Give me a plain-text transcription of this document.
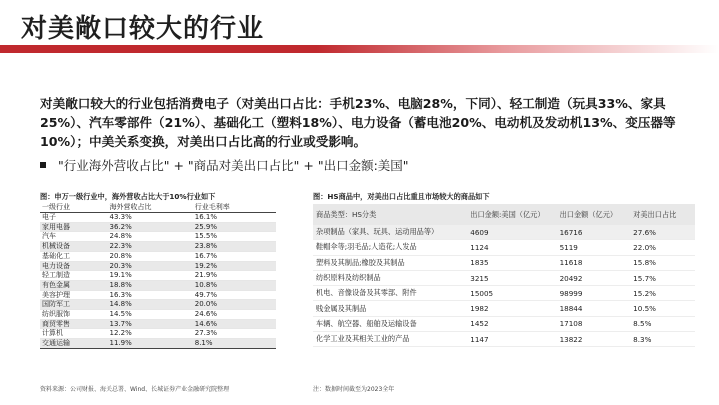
对美敞口较大的行业
对美敞口较大的行业包括消费电子（对美出口占比：手机23%、电脑28%，下同）、轻工制造（玩具33%、家具25%）、汽车零部件（21%）、基础化工（塑料18%）、电力设备（蓄电池20%、电动机及发动机13%、变压器等10%）；中美关系变换，对美出口占比高的行业或受影响。
"行业海外营收占比" + "商品对美出口占比" + "出口金额:美国"
图：申万一级行业中，海外营收占比大于10%行业如下
一级行业	海外营收占比	行业毛利率
电子	43.3%	16.1%
家用电器	36.2%	25.9%
汽车	24.8%	15.5%
机械设备	22.3%	23.8%
基础化工	20.8%	16.7%
电力设备	20.3%	19.2%
轻工制造	19.1%	21.9%
有色金属	18.8%	10.8%
美容护理	16.3%	49.7%
国防军工	14.8%	20.0%
纺织服饰	14.5%	24.6%
商贸零售	13.7%	14.6%
计算机	12.2%	27.3%
交通运输	11.9%	8.1%
图：HS商品中，对美出口占比重且市场较大的商品如下
商品类型：HS分类	出口金额:美国（亿元）	出口金额（亿元）	对美出口占比
杂项制品（家具、玩具、运动用品等）	4609	16716	27.6%
鞋帽伞等;羽毛品;人造花;人发品	1124	5119	22.0%
塑料及其制品;橡胶及其制品	1835	11618	15.8%
纺织原料及纺织制品	3215	20492	15.7%
机电、音像设备及其零部、附件	15005	98999	15.2%
贱金属及其制品	1982	18844	10.5%
车辆、航空器、船舶及运输设备	1452	17108	8.5%
化学工业及其相关工业的产品	1147	13822	8.3%
资料来源：公司财报、海关总署、Wind、长城证券产业金融研究院整理	注：数据时间截至为2023全年
